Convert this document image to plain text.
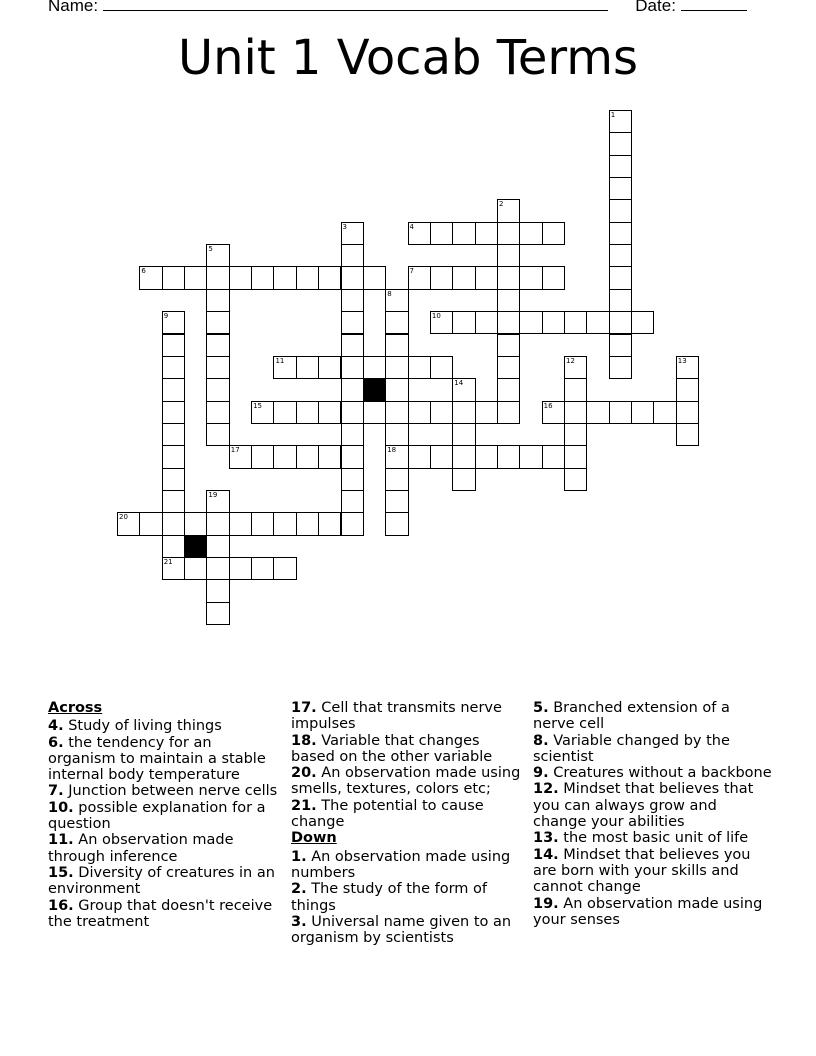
Name:	Date:
Unit 1 Vocab Terms
4
6	7
10
11
15	16
17	18
20
21
1
2
3
5
8
9
12	13
14
19
Across
4. Study of living things
6. the tendency for an organism to maintain a stable internal body temperature
7. Junction between nerve cells
10. possible explanation for a question
11. An observation made through inference
15. Diversity of creatures in an environment
16. Group that doesn't receive the treatment
17. Cell that transmits nerve impulses
18. Variable that changes based on the other variable
20. An observation made using smells, textures, colors etc;
21. The potential to cause change
Down
1. An observation made using numbers
2. The study of the form of things
3. Universal name given to an organism by scientists
5. Branched extension of a nerve cell
8. Variable changed by the scientist
9. Creatures without a backbone
12. Mindset that believes that you can always grow and change your abilities
13. the most basic unit of life
14. Mindset that believes you are born with your skills and cannot change
19. An observation made using your senses
